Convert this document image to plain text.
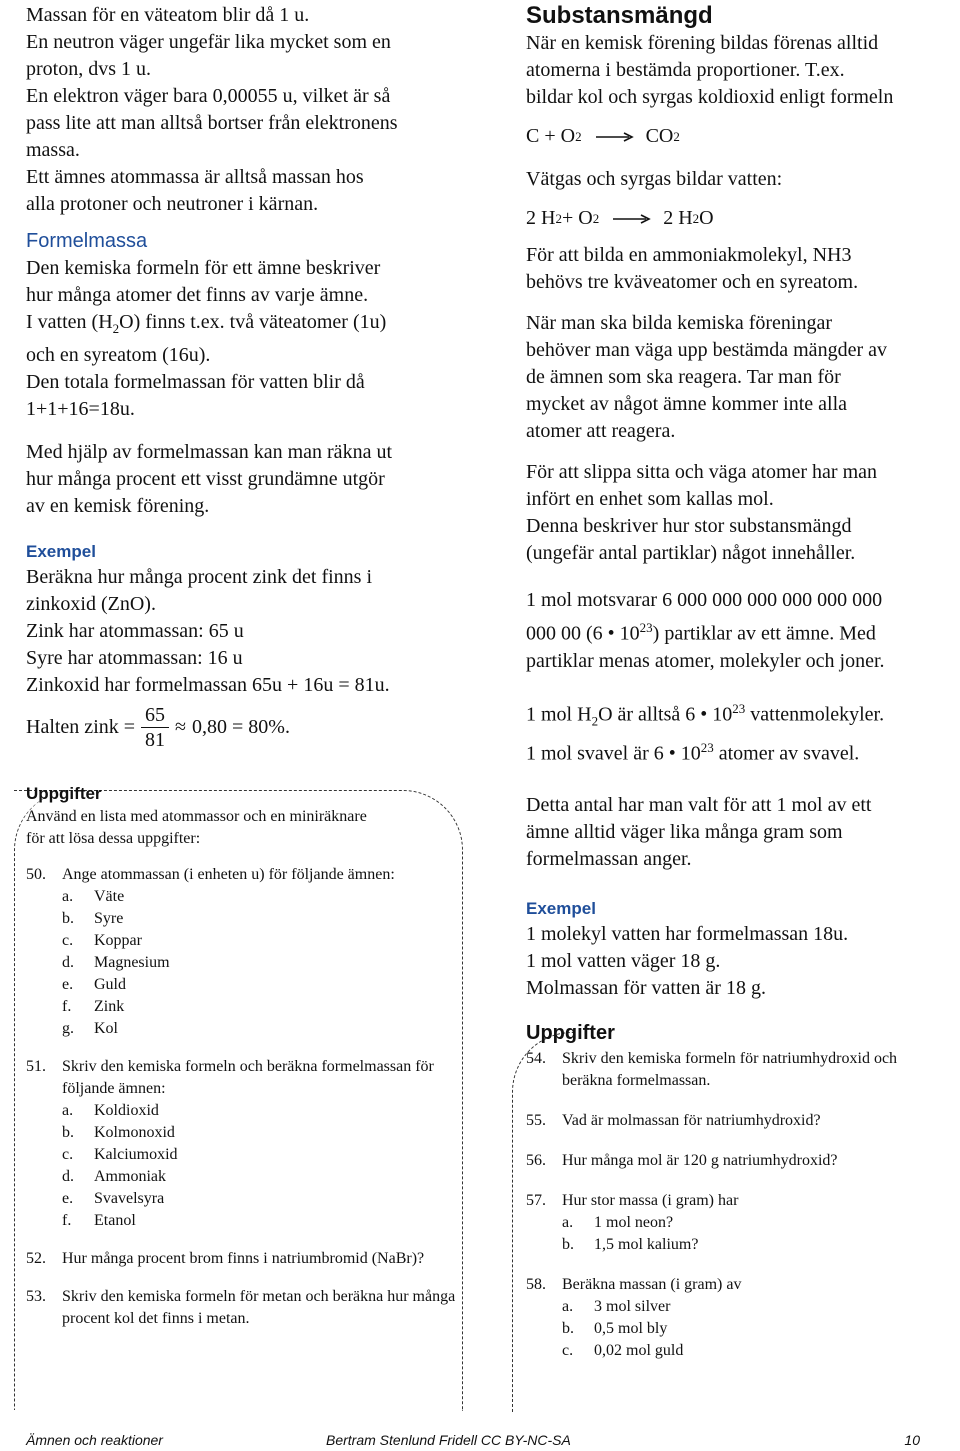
Massan för en väteatom blir då 1 u.

En neutron väger ungefär lika mycket som en

proton, dvs 1 u.

En elektron väger bara 0,00055 u, vilket är så

pass lite att man alltså bortser från elektronens

massa.

Ett ämnes atommassa är alltså massan hos

alla protoner och neutroner i kärnan.

Formelmassa

Den kemiska formeln för ett ämne beskriver

hur många atomer det finns av varje ämne.

I vatten $(H_2O)$ finns t.ex. två väteatomer (1u)

och en syreatom (16u).

Den totala formelmassan för vatten blir då

1+1+16=18u.

Med hjälp av formelmassan kan man räkna ut

hur många procent ett visst grundämne utgör

av en kemisk förening.

Exempel

Beräkna hur många procent zink det finns i

zinkoxid (ZnO).

Zink har atommassan: 65 u

Syre har atommassan: 16 u

Zinkoxid har formelmassan 65u + 16u = 81u.

Halten zink = $\frac{65}{81} \approx 0,80 = 80\%$.

Uppgifter

Använd en lista med atommassor och en miniräknare

för att lösa dessa uppgifter:

50.	Ange atommassan (i enheten u) för följande ämnen:
a.	Väte
b.	Syre
c.	Koppar
d.	Magnesium
e.	Guld
f.	Zink
g.	Kol
51.	Skriv den kemiska formeln och beräkna formelmassan för följande ämnen:
a.	Koldioxid
b.	Kolmonoxid
c.	Kalciumoxid
d.	Ammoniak
e.	Svavelsyra
f.	Etanol
52.	Hur många procent brom finns i natriumbromid (NaBr)?
53.	Skriv den kemiska formeln för metan och beräkna hur många procent kol det finns i metan.

Substansmängd

När en kemisk förening bildas förenas alltid

atomerna i bestämda proportioner. T.ex.

bildar kol och syrgas koldioxid enligt formeln

C + O 2 → CO 2

Vätgas och syrgas bildar vatten:

2 H 2 + O 2 → 2 H 2 O

För att bilda en ammoniakmolekyl, NH3

behövs tre kväveatomer och en syreatom.

När man ska bilda kemiska föreningar

behöver man väga upp bestämda mängder av

de ämnen som ska reagera. Tar man för

mycket av något ämne kommer inte alla

atomer att reagera.

För att slippa sitta och väga atomer har man

infört en enhet som kallas mol.

Denna beskriver hur stor substansmängd

(ungefär antal partiklar) något innehåller.

1 mol motsvarar 6 000 000 000 000 000 000

000 00 (6 • $10^{23}$) partiklar av ett ämne. Med

partiklar menas atomer, molekyler och joner.

1 mol $H_2O$ är alltså 6 • $10^{23}$ vattenmolekyler.

1 mol svavel är 6 • $10^{23}$ atomer av svavel.

Detta antal har man valt för att 1 mol av ett

ämne alltid väger lika många gram som

formelmassan anger.

Exempel

1 molekyl vatten har formelmassan 18u.

1 mol vatten väger 18 g.

Molmassan för vatten är 18 g.

Uppgifter

54.	Skriv den kemiska formeln för natriumhydroxid och beräkna formelmassan.
55.	Vad är molmassan för natriumhydroxid?
56.	Hur många mol är 120 g natriumhydroxid?
57.	Hur stor massa (i gram) har
a.	1 mol neon?
b.	1,5 mol kalium?
58.	Beräkna massan (i gram) av
a.	3 mol silver
b.	0,5 mol bly
c.	0,02 mol guld
Ämnen och reaktioner	Bertram Stenlund Fridell CC BY-NC-SA	10
